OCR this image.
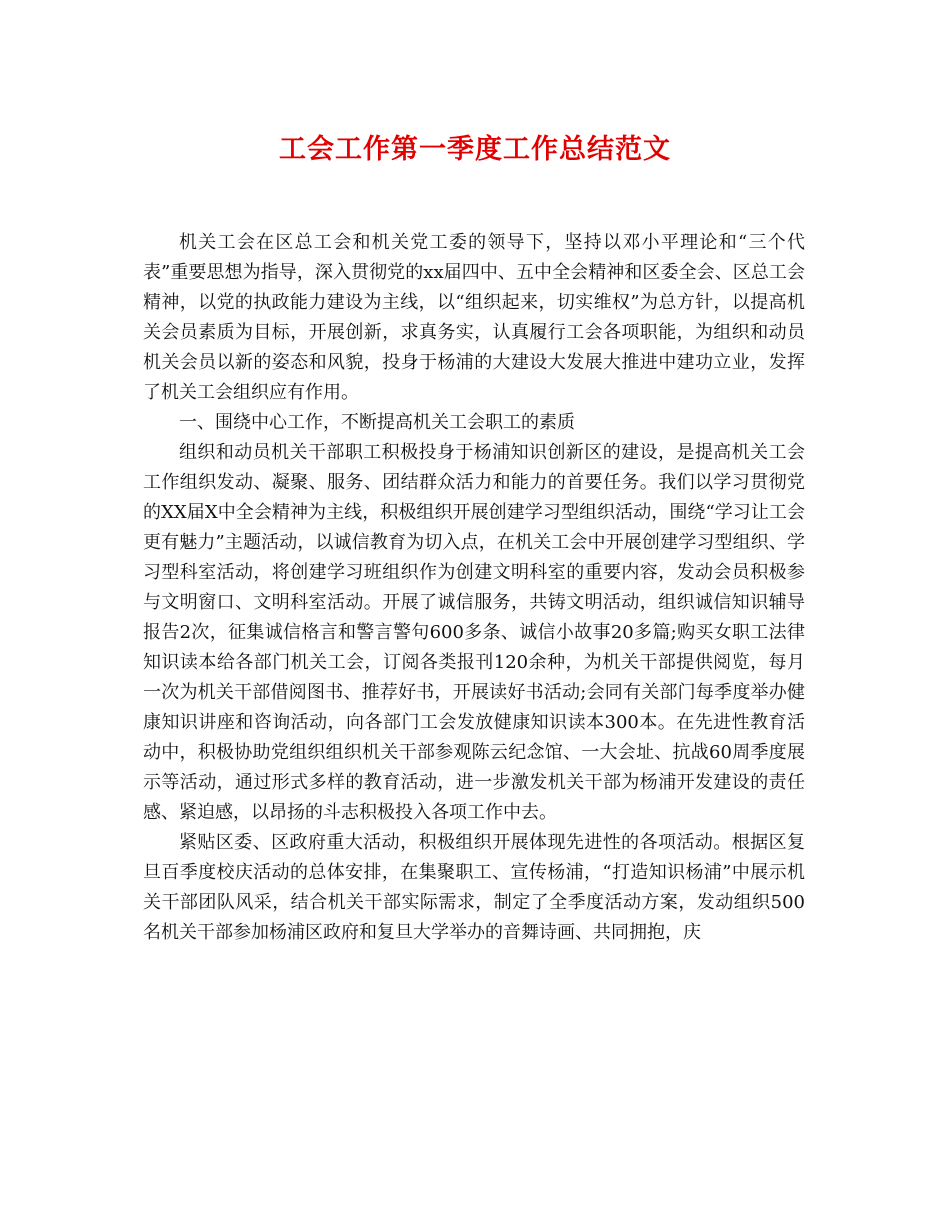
工会工作第一季度工作总结范文

机关工会在区总工会和机关党工委的领导下，坚持以邓小平理论和“三个代表”重要思想为指导，深入贯彻党的xx届四中、五中全会精神和区委全会、区总工会精神，以党的执政能力建设为主线，以“组织起来，切实维权”为总方针，以提高机关会员素质为目标，开展创新，求真务实，认真履行工会各项职能，为组织和动员机关会员以新的姿态和风貌，投身于杨浦的大建设大发展大推进中建功立业，发挥了机关工会组织应有作用。

一、围绕中心工作，不断提高机关工会职工的素质

组织和动员机关干部职工积极投身于杨浦知识创新区的建设，是提高机关工会工作组织发动、凝聚、服务、团结群众活力和能力的首要任务。我们以学习贯彻党的XX届X中全会精神为主线，积极组织开展创建学习型组织活动，围绕“学习让工会更有魅力”主题活动，以诚信教育为切入点，在机关工会中开展创建学习型组织、学习型科室活动，将创建学习班组织作为创建文明科室的重要内容，发动会员积极参与文明窗口、文明科室活动。开展了诚信服务，共铸文明活动，组织诚信知识辅导报告2次，征集诚信格言和警言警句600多条、诚信小故事20多篇;购买女职工法律知识读本给各部门机关工会，订阅各类报刊120余种，为机关干部提供阅览，每月一次为机关干部借阅图书、推荐好书，开展读好书活动;会同有关部门每季度举办健康知识讲座和咨询活动，向各部门工会发放健康知识读本300本。在先进性教育活动中，积极协助党组织组织机关干部参观陈云纪念馆、一大会址、抗战60周季度展示等活动，通过形式多样的教育活动，进一步激发机关干部为杨浦开发建设的责任感、紧迫感，以昂扬的斗志积极投入各项工作中去。

紧贴区委、区政府重大活动，积极组织开展体现先进性的各项活动。根据区复旦百季度校庆活动的总体安排，在集聚职工、宣传杨浦，“打造知识杨浦”中展示机关干部团队风采，结合机关干部实际需求，制定了全季度活动方案，发动组织500名机关干部参加杨浦区政府和复旦大学举办的音舞诗画、共同拥抱，庆
